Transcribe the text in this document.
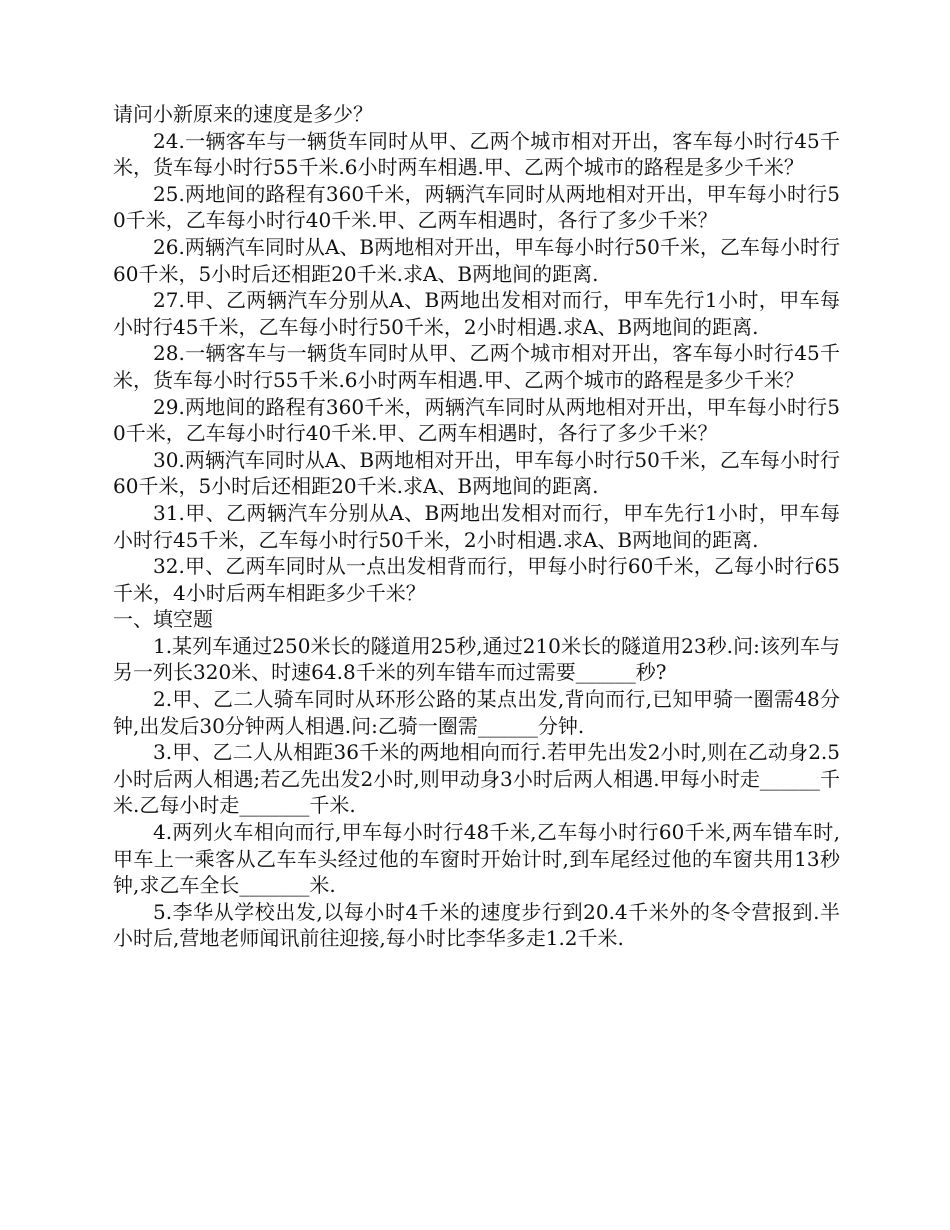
请问小新原来的速度是多少？

24.一辆客车与一辆货车同时从甲、乙两个城市相对开出，客车每小时行45千米，货车每小时行55千米.6小时两车相遇.甲、乙两个城市的路程是多少千米？

25.两地间的路程有360千米，两辆汽车同时从两地相对开出，甲车每小时行50千米，乙车每小时行40千米.甲、乙两车相遇时，各行了多少千米？

26.两辆汽车同时从A、B两地相对开出，甲车每小时行50千米，乙车每小时行60千米，5小时后还相距20千米.求A、B两地间的距离.

27.甲、乙两辆汽车分别从A、B两地出发相对而行，甲车先行1小时，甲车每小时行45千米，乙车每小时行50千米，2小时相遇.求A、B两地间的距离.

28.一辆客车与一辆货车同时从甲、乙两个城市相对开出，客车每小时行45千米，货车每小时行55千米.6小时两车相遇.甲、乙两个城市的路程是多少千米？

29.两地间的路程有360千米，两辆汽车同时从两地相对开出，甲车每小时行50千米，乙车每小时行40千米.甲、乙两车相遇时，各行了多少千米？

30.两辆汽车同时从A、B两地相对开出，甲车每小时行50千米，乙车每小时行60千米，5小时后还相距20千米.求A、B两地间的距离.

31.甲、乙两辆汽车分别从A、B两地出发相对而行，甲车先行1小时，甲车每小时行45千米，乙车每小时行50千米，2小时相遇.求A、B两地间的距离.

32.甲、乙两车同时从一点出发相背而行，甲每小时行60千米，乙每小时行65千米，4小时后两车相距多少千米？

一、填空题

1.某列车通过250米长的隧道用25秒,通过210米长的隧道用23秒.问:该列车与另一列长320米、时速64.8千米的列车错车而过需要______秒?

2.甲、乙二人骑车同时从环形公路的某点出发,背向而行,已知甲骑一圈需48分钟,出发后30分钟两人相遇.问:乙骑一圈需______分钟.

3.甲、乙二人从相距36千米的两地相向而行.若甲先出发2小时,则在乙动身2.5小时后两人相遇;若乙先出发2小时,则甲动身3小时后两人相遇.甲每小时走______千米.乙每小时走_______千米.

4.两列火车相向而行,甲车每小时行48千米,乙车每小时行60千米,两车错车时,甲车上一乘客从乙车车头经过他的车窗时开始计时,到车尾经过他的车窗共用13秒钟,求乙车全长_______米.

5.李华从学校出发,以每小时4千米的速度步行到20.4千米外的冬令营报到.半小时后,营地老师闻讯前往迎接,每小时比李华多走1.2千米.
